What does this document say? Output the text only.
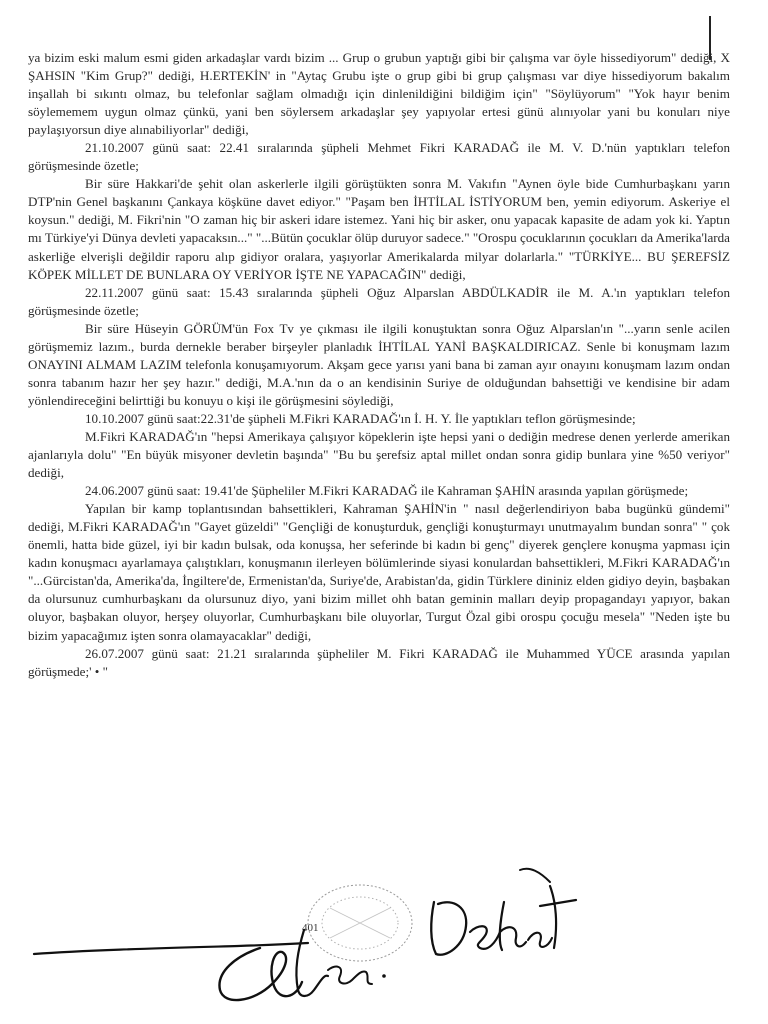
ya bizim eski malum esmi giden arkadaşlar vardı bizim ... Grup o grubun yaptığı gibi bir çalışma var öyle hissediyorum" dediği, X ŞAHSIN "Kim Grup?" dediği, H.ERTEKİN' in "Aytaç Grubu işte o grup gibi bi grup çalışması var diye hissediyorum bakalım inşallah bi sıkıntı olmaz, bu telefonlar sağlam olmadığı için dinlenildiğini bildiğim için" "Söylüyorum" "Yok hayır benim söylememem uygun olmaz çünkü, yani ben söylersem arkadaşlar şey yapıyolar ertesi günü alınıyolar yani bu konuları niye paylaşıyorsun diye alınabiliyorlar" dediği,

21.10.2007 günü saat: 22.41 sıralarında şüpheli Mehmet Fikri KARADAĞ ile M. V. D.'nün yaptıkları telefon görüşmesinde özetle;

Bir süre Hakkari'de şehit olan askerlerle ilgili görüştükten sonra M. Vakıfın "Aynen öyle bide Cumhurbaşkanı yarın DTP'nin Genel başkanını Çankaya köşküne davet ediyor." "Paşam ben İHTİLAL İSTİYORUM ben, yemin ediyorum. Askeriye el koysun." dediği, M. Fikri'nin "O zaman hiç bir askeri idare istemez. Yani hiç bir asker, onu yapacak kapasite de adam yok ki. Yaptın mı Türkiye'yi Dünya devleti yapacaksın..." "...Bütün çocuklar ölüp duruyor sadece." "Orospu çocuklarının çocukları da Amerika'larda askerliğe elverişli değildir raporu alıp gidiyor oralara, yaşıyorlar Amerikalarda milyar dolarlarla." "TÜRKİYE... BU ŞEREFSİZ KÖPEK MİLLET DE BUNLARA OY VERİYOR İŞTE NE YAPACAĞIN" dediği,

22.11.2007 günü saat: 15.43 sıralarında şüpheli Oğuz Alparslan ABDÜLKADİR ile M. A.'ın yaptıkları telefon görüşmesinde özetle;

Bir süre Hüseyin GÖRÜM'ün Fox Tv ye çıkması ile ilgili konuştuktan sonra Oğuz Alparslan'ın "...yarın senle acilen görüşmemiz lazım., burda dernekle beraber birşeyler planladık İHTİLAL YANİ BAŞKALDIRICAZ. Senle bi konuşmam lazım ONAYINI ALMAM LAZIM telefonla konuşamıyorum. Akşam gece yarısı yani bana bi zaman ayır onayını konuşmam lazım ondan sonra tabanım hazır her şey hazır." dediği, M.A.'nın da o an kendisinin Suriye de olduğundan bahsettiği ve kendisine bir adam yönlendireceğini belirttiği bu konuyu o kişi ile görüşmesini söylediği,

10.10.2007 günü saat:22.31'de şüpheli M.Fikri KARADAĞ'ın İ. H. Y. İle yaptıkları teflon görüşmesinde;

M.Fikri KARADAĞ'ın "hepsi Amerikaya çalışıyor köpeklerin işte hepsi yani o dediğin medrese denen yerlerde amerikan ajanlarıyla dolu" "En büyük misyoner devletin başında" "Bu bu şerefsiz aptal millet ondan sonra gidip bunlara yine %50 veriyor" dediği,

24.06.2007 günü saat: 19.41'de Şüpheliler M.Fikri KARADAĞ ile Kahraman ŞAHİN arasında yapılan görüşmede;

Yapılan bir kamp toplantısından bahsettikleri, Kahraman ŞAHİN'in " nasıl değerlendiriyon baba bugünkü gündemi" dediği, M.Fikri KARADAĞ'ın "Gayet güzeldi" "Gençliği de konuşturduk, gençliği konuşturmayı unutmayalım bundan sonra" " çok önemli, hatta bide güzel, iyi bir kadın bulsak, oda konuşsa, her seferinde bi kadın bi genç" diyerek gençlere konuşma yapması için kadın konuşmacı ayarlamaya çalıştıkları, konuşmanın ilerleyen bölümlerinde siyasi konulardan bahsettikleri, M.Fikri KARADAĞ'ın "...Gürcistan'da, Amerika'da, İngiltere'de, Ermenistan'da, Suriye'de, Arabistan'da, gidin Türklere dininiz elden gidiyo deyin, başbakan da olursunuz cumhurbaşkanı da olursunuz diyo, yani bizim millet ohh batan geminin malları deyip propagandayı yapıyor, bakan oluyor, başbakan oluyor, herşey oluyorlar, Cumhurbaşkanı bile oluyorlar, Turgut Özal gibi orospu çocuğu mesela" "Neden işte bu bizim yapacağımız işten sonra olamayacaklar" dediği,

26.07.2007 günü saat: 21.21 sıralarında şüpheliler M. Fikri KARADAĞ ile Muhammed YÜCE arasında yapılan görüşmede;' • "

401
